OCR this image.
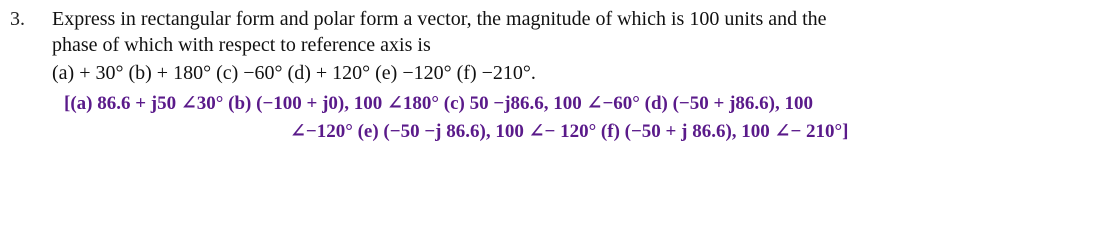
3. Express in rectangular form and polar form a vector, the magnitude of which is 100 units and the
phase of which with respect to reference axis is
(a) + 30° (b) + 180° (c) −60° (d) + 120° (e) −120° (f) −210°.
[(a) 86.6 + j50 ∠30° (b) (−100 + j0), 100 ∠180° (c) 50 −j86.6, 100 ∠−60° (d) (−50 + j86.6), 100
∠−120° (e) (−50 −j 86.6), 100 ∠− 120° (f) (−50 + j 86.6), 100 ∠− 210°]
